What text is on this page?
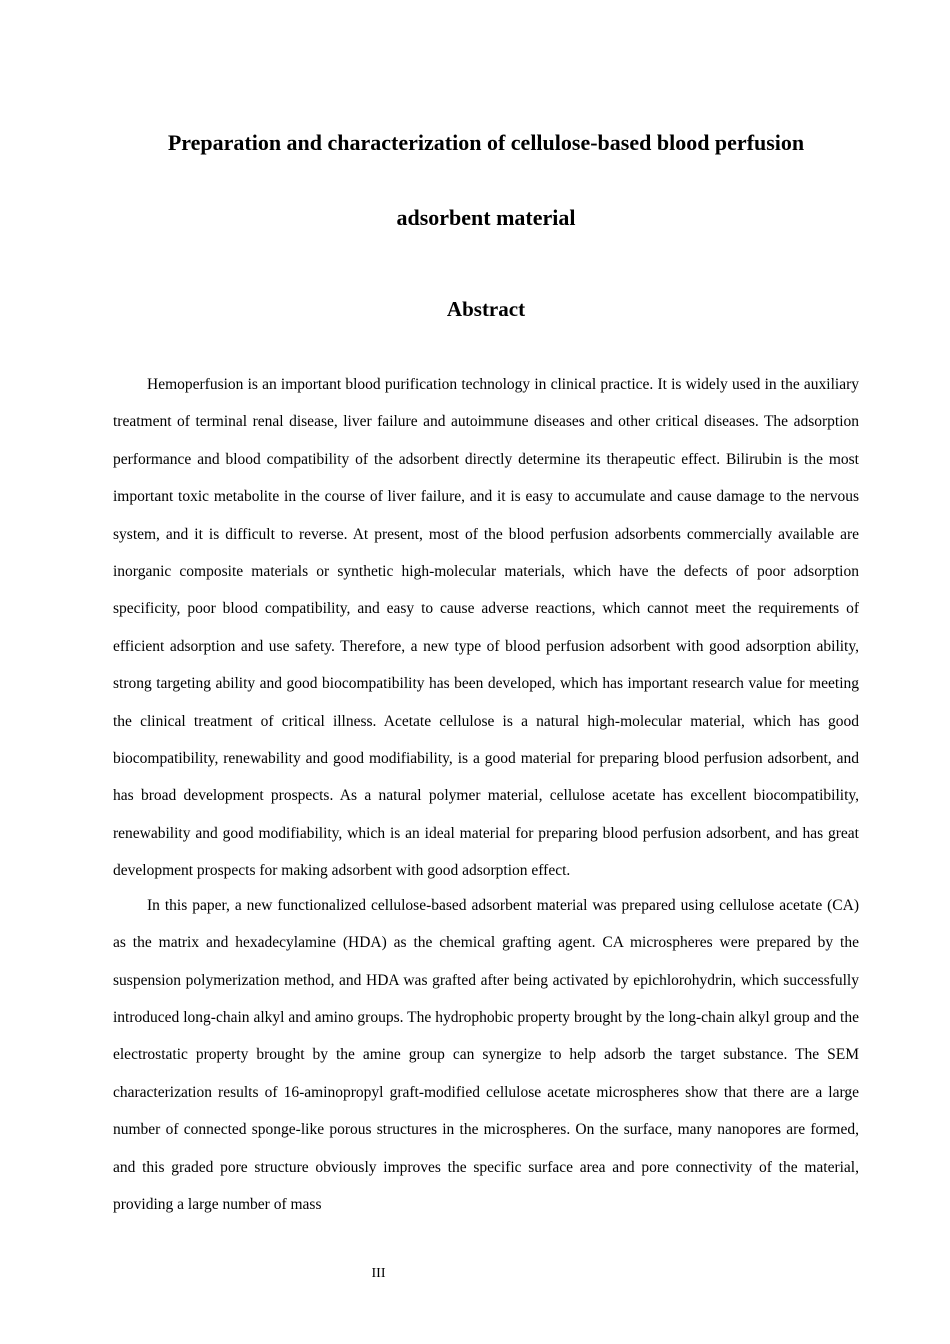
Preparation and characterization of cellulose-based blood perfusion
adsorbent material
Abstract

Hemoperfusion is an important blood purification technology in clinical practice. It is widely used in the auxiliary treatment of terminal renal disease, liver failure and autoimmune diseases and other critical diseases. The adsorption performance and blood compatibility of the adsorbent directly determine its therapeutic effect. Bilirubin is the most important toxic metabolite in the course of liver failure, and it is easy to accumulate and cause damage to the nervous system, and it is difficult to reverse. At present, most of the blood perfusion adsorbents commercially available are inorganic composite materials or synthetic high-molecular materials, which have the defects of poor adsorption specificity, poor blood compatibility, and easy to cause adverse reactions, which cannot meet the requirements of efficient adsorption and use safety. Therefore, a new type of blood perfusion adsorbent with good adsorption ability, strong targeting ability and good biocompatibility has been developed, which has important research value for meeting the clinical treatment of critical illness. Acetate cellulose is a natural high-molecular material, which has good biocompatibility, renewability and good modifiability, is a good material for preparing blood perfusion adsorbent, and has broad development prospects. As a natural polymer material, cellulose acetate has excellent biocompatibility, renewability and good modifiability, which is an ideal material for preparing blood perfusion adsorbent, and has great development prospects for making adsorbent with good adsorption effect.

In this paper, a new functionalized cellulose-based adsorbent material was prepared using cellulose acetate (CA) as the matrix and hexadecylamine (HDA) as the chemical grafting agent. CA microspheres were prepared by the suspension polymerization method, and HDA was grafted after being activated by epichlorohydrin, which successfully introduced long-chain alkyl and amino groups. The hydrophobic property brought by the long-chain alkyl group and the electrostatic property brought by the amine group can synergize to help adsorb the target substance. The SEM characterization results of 16-aminopropyl graft-modified cellulose acetate microspheres show that there are a large number of connected sponge-like porous structures in the microspheres. On the surface, many nanopores are formed, and this graded pore structure obviously improves the specific surface area and pore connectivity of the material, providing a large number of mass

III
